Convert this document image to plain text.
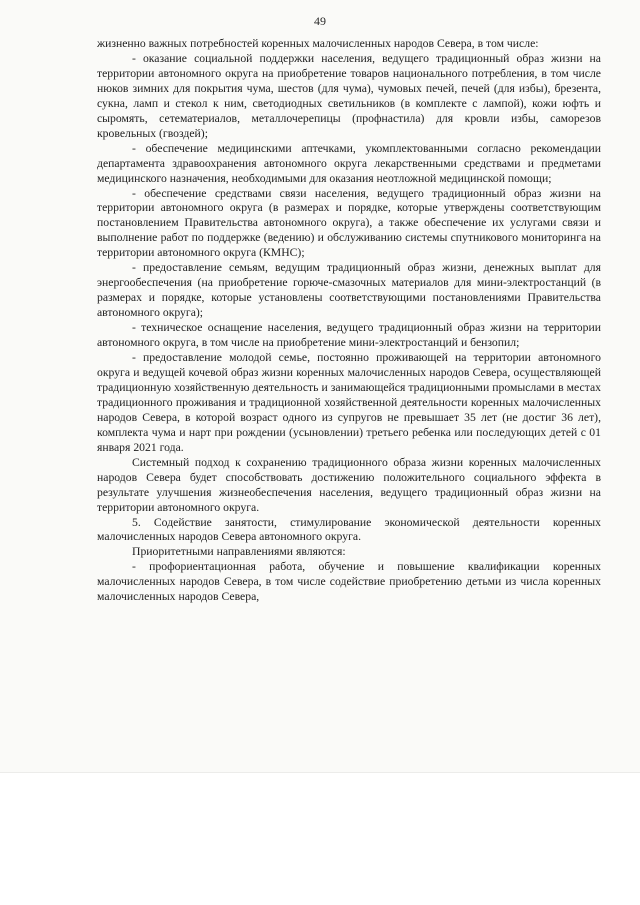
49

жизненно важных потребностей коренных малочисленных народов Севера, в том числе:

- оказание социальной поддержки населения, ведущего традиционный образ жизни на территории автономного округа на приобретение товаров национального потребления, в том числе нюков зимних для покрытия чума, шестов (для чума), чумовых печей, печей (для избы), брезента, сукна, ламп и стекол к ним, светодиодных светильников (в комплекте с лампой), кожи юфть и сыромять, сетематериалов, металлочерепицы (профнастила) для кровли избы, саморезов кровельных (гвоздей);

- обеспечение медицинскими аптечками, укомплектованными согласно рекомендации департамента здравоохранения автономного округа лекарственными средствами и предметами медицинского назначения, необходимыми для оказания неотложной медицинской помощи;

- обеспечение средствами связи населения, ведущего традиционный образ жизни на территории автономного округа (в размерах и порядке, которые утверждены соответствующим постановлением Правительства автономного округа), а также обеспечение их услугами связи и выполнение работ по поддержке (ведению) и обслуживанию системы спутникового мониторинга на территории автономного округа (КМНС);

- предоставление семьям, ведущим традиционный образ жизни, денежных выплат для энергообеспечения (на приобретение горюче-смазочных материалов для мини-электростанций (в размерах и порядке, которые установлены соответствующими постановлениями Правительства автономного округа);

- техническое оснащение населения, ведущего традиционный образ жизни на территории автономного округа, в том числе на приобретение мини-электростанций и бензопил;

- предоставление молодой семье, постоянно проживающей на территории автономного округа и ведущей кочевой образ жизни коренных малочисленных народов Севера, осуществляющей традиционную хозяйственную деятельность и занимающейся традиционными промыслами в местах традиционного проживания и традиционной хозяйственной деятельности коренных малочисленных народов Севера, в которой возраст одного из супругов не превышает 35 лет (не достиг 36 лет), комплекта чума и нарт при рождении (усыновлении) третьего ребенка или последующих детей с 01 января 2021 года.

Системный подход к сохранению традиционного образа жизни коренных малочисленных народов Севера будет способствовать достижению положительного социального эффекта в результате улучшения жизнеобеспечения населения, ведущего традиционный образ жизни на территории автономного округа.

5. Содействие занятости, стимулирование экономической деятельности коренных малочисленных народов Севера автономного округа.

Приоритетными направлениями являются:

- профориентационная работа, обучение и повышение квалификации коренных малочисленных народов Севера, в том числе содействие приобретению детьми из числа коренных малочисленных народов Севера,
